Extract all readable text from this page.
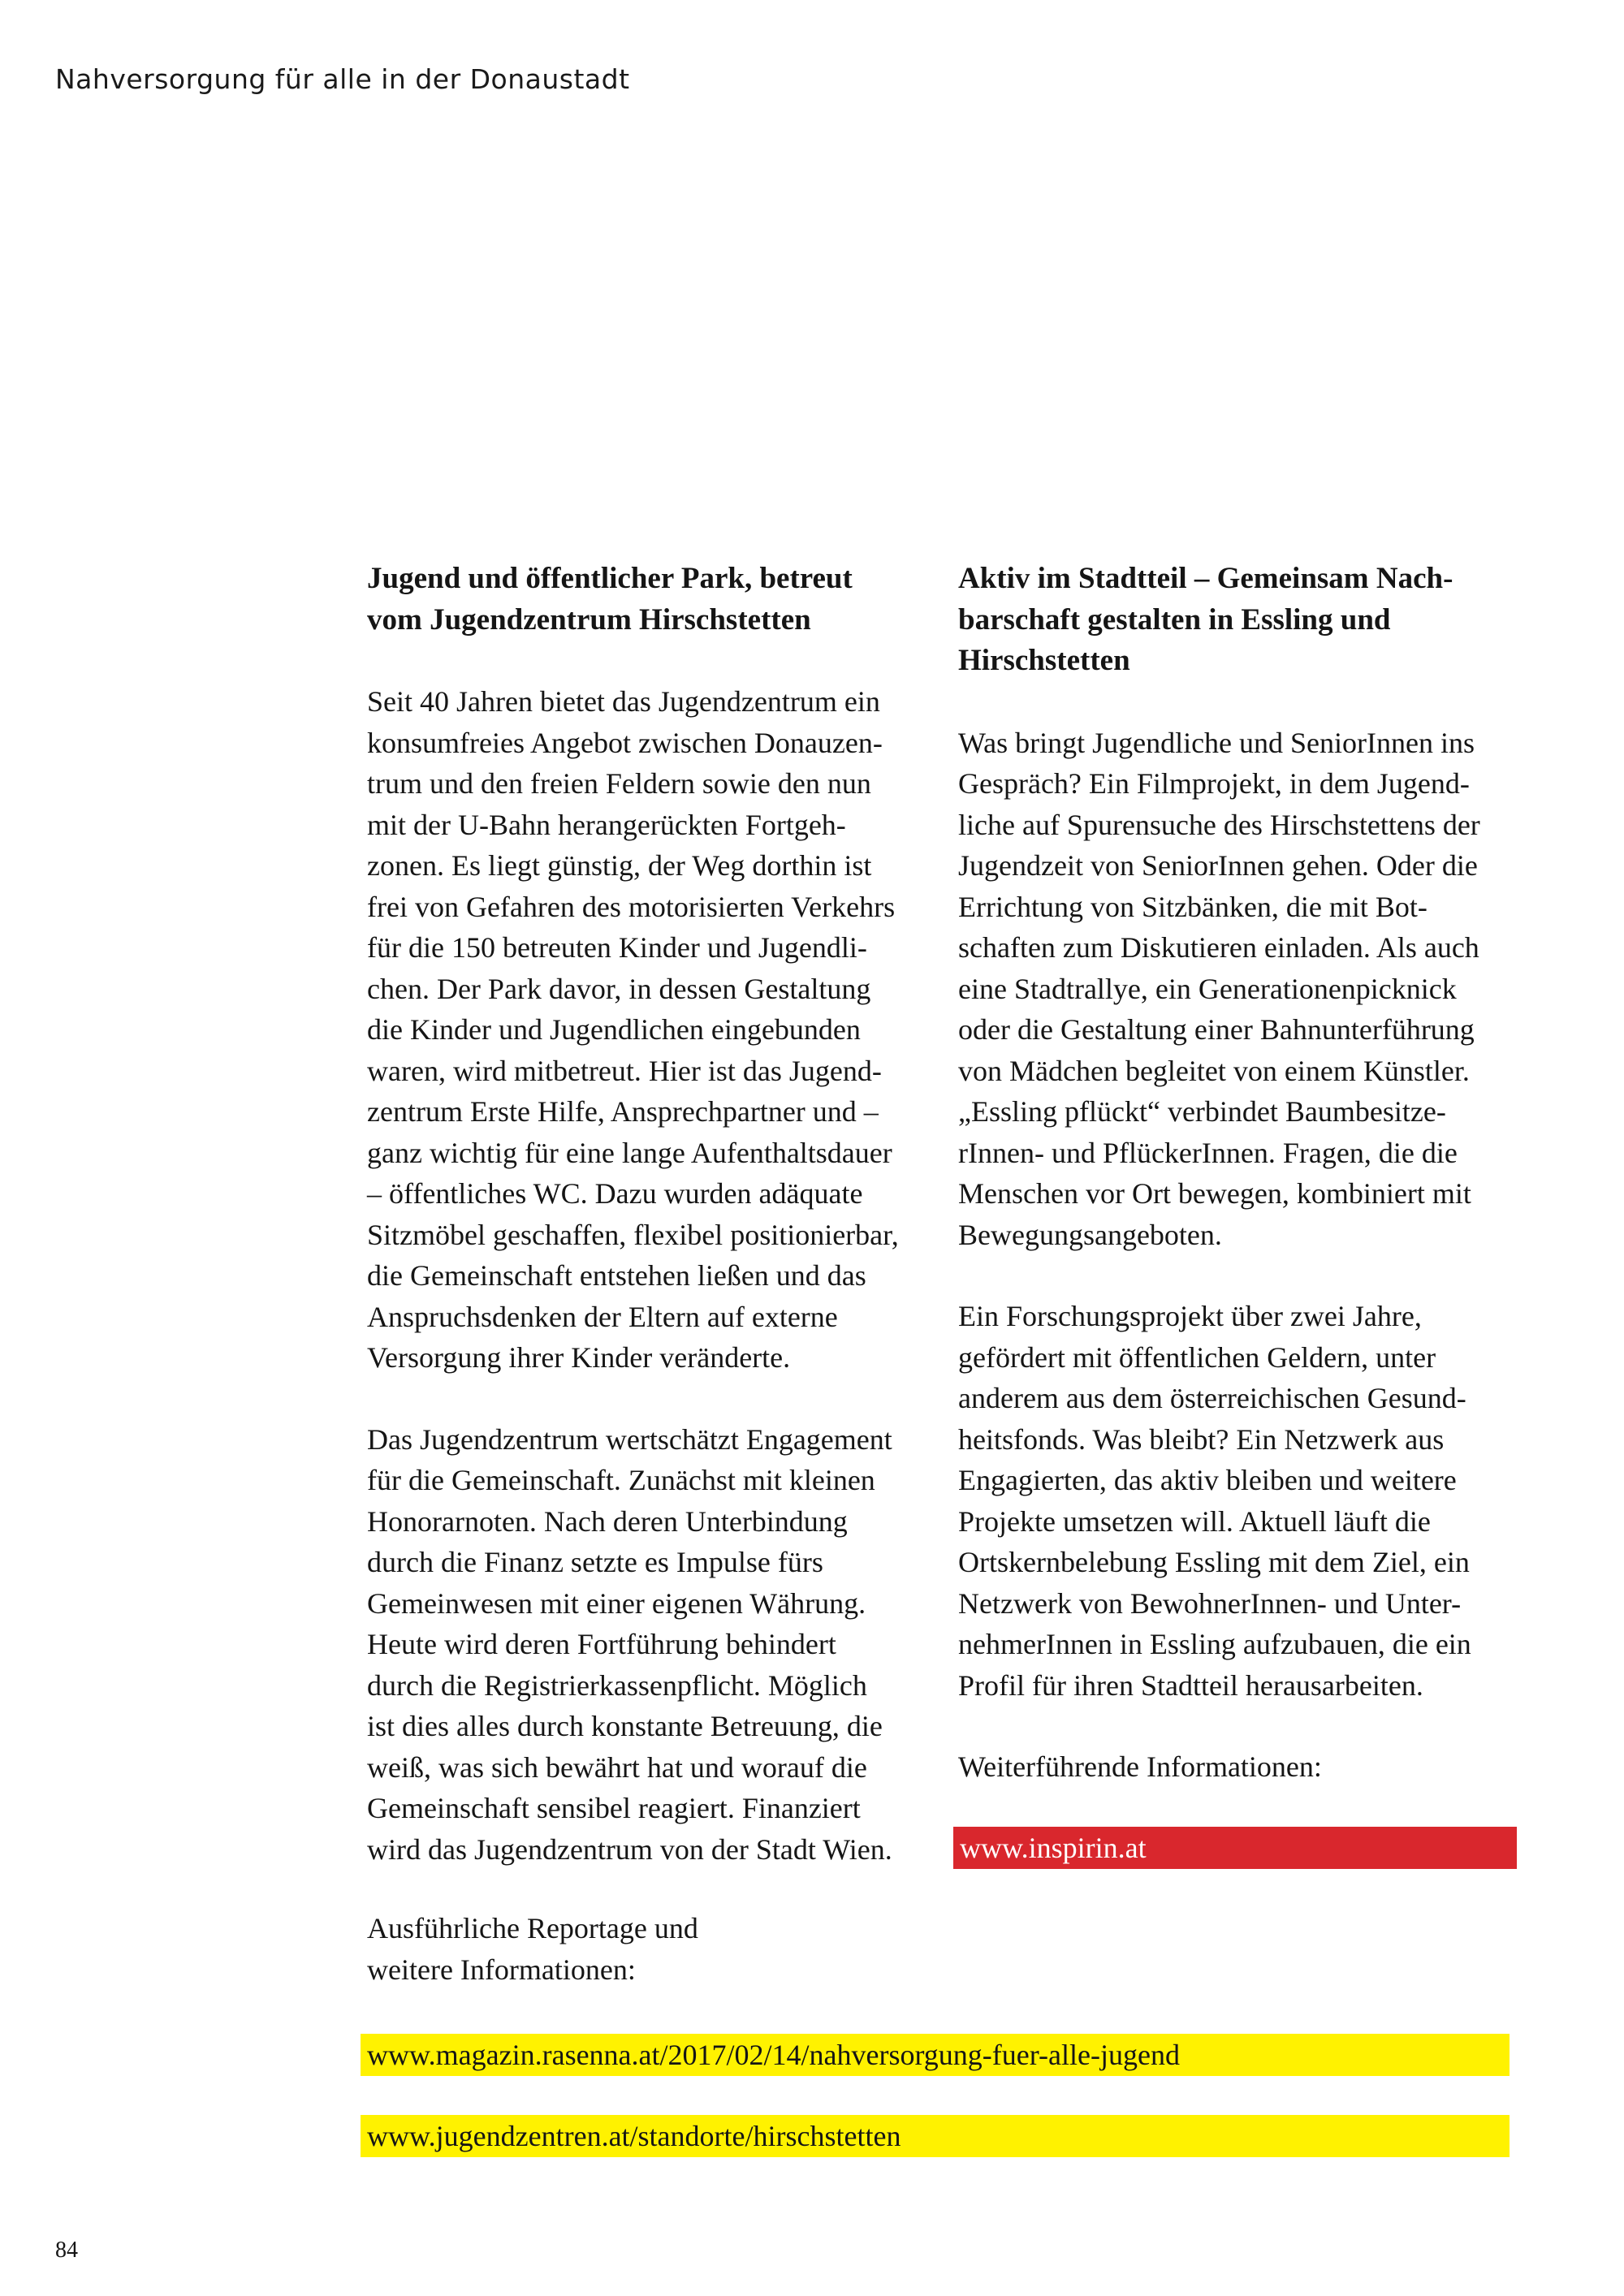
Nahversorgung für alle in der Donaustadt
Jugend und öffentlicher Park, betreut
vom Jugendzentrum Hirschstetten

Seit 40 Jahren bietet das Jugendzentrum ein
konsumfreies Angebot zwischen Donauzen-
trum und den freien Feldern sowie den nun
mit der U-Bahn herangerückten Fortgeh-
zonen. Es liegt günstig, der Weg dorthin ist
frei von Gefahren des motorisierten Verkehrs
für die 150 betreuten Kinder und Jugendli-
chen. Der Park davor, in dessen Gestaltung
die Kinder und Jugendlichen eingebunden
waren, wird mitbetreut. Hier ist das Jugend-
zentrum Erste Hilfe, Ansprechpartner und –
ganz wichtig für eine lange Aufenthaltsdauer
– öffentliches WC. Dazu wurden adäquate
Sitzmöbel geschaffen, flexibel positionierbar,
die Gemeinschaft entstehen ließen und das
Anspruchsdenken der Eltern auf externe
Versorgung ihrer Kinder veränderte.

Das Jugendzentrum wertschätzt Engagement
für die Gemeinschaft. Zunächst mit kleinen
Honorarnoten. Nach deren Unterbindung
durch die Finanz setzte es Impulse fürs
Gemeinwesen mit einer eigenen Währung.
Heute wird deren Fortführung behindert
durch die Registrierkassenpflicht. Möglich
ist dies alles durch konstante Betreuung, die
weiß, was sich bewährt hat und worauf die
Gemeinschaft sensibel reagiert. Finanziert
wird das Jugendzentrum von der Stadt Wien.

Aktiv im Stadtteil – Gemeinsam Nach-
barschaft gestalten in Essling und
Hirschstetten

Was bringt Jugendliche und SeniorInnen ins
Gespräch? Ein Filmprojekt, in dem Jugend-
liche auf Spurensuche des Hirschstettens der
Jugendzeit von SeniorInnen gehen. Oder die
Errichtung von Sitzbänken, die mit Bot-
schaften zum Diskutieren einladen. Als auch
eine Stadtrallye, ein Generationenpicknick
oder die Gestaltung einer Bahnunterführung
von Mädchen begleitet von einem Künstler.
„Essling pflückt“ verbindet Baumbesitze-
rInnen- und PflückerInnen. Fragen, die die
Menschen vor Ort bewegen, kombiniert mit
Bewegungsangeboten.

Ein Forschungsprojekt über zwei Jahre,
gefördert mit öffentlichen Geldern, unter
anderem aus dem österreichischen Gesund-
heitsfonds. Was bleibt? Ein Netzwerk aus
Engagierten, das aktiv bleiben und weitere
Projekte umsetzen will. Aktuell läuft die
Ortskernbelebung Essling mit dem Ziel, ein
Netzwerk von BewohnerInnen- und Unter-
nehmerInnen in Essling aufzubauen, die ein
Profil für ihren Stadtteil herausarbeiten.

Weiterführende Informationen:

www.inspirin.at
Ausführliche Reportage und
weitere Informationen:
www.magazin.rasenna.at/2017/02/14/nahversorgung-fuer-alle-jugend
www.jugendzentren.at/standorte/hirschstetten
84
